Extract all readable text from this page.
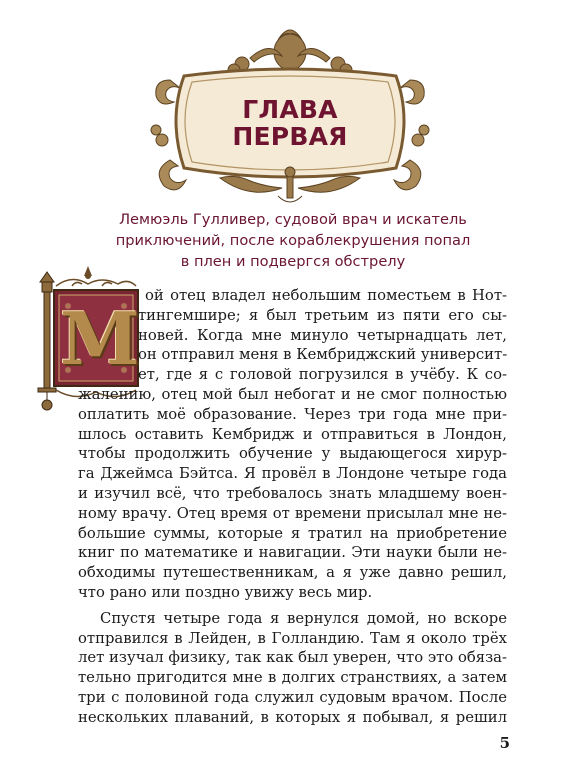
ГЛАВА
ПЕРВАЯ
Лемюэль Гулливер, судовой врач и искатель
приключений, после кораблекрушения попал
в плен и подвергся обстрелу
М
ой отец владел небольшим поместьем в Нот-
тингемшире; я был третьим из пяти его сы-
новей. Когда мне минуло четырнадцать лет,
он отправил меня в Кембриджский университ-
ет, где я с головой погрузился в учёбу. К со-
жалению, отец мой был небогат и не смог полностью
оплатить моё образование. Через три года мне при-
шлось оставить Кембридж и отправиться в Лондон,
чтобы продолжить обучение у выдающегося хирур-
га Джеймса Бэйтса. Я провёл в Лондоне четыре года
и изучил всё, что требовалось знать младшему воен-
ному врачу. Отец время от времени присылал мне не-
большие суммы, которые я тратил на приобретение
книг по математике и навигации. Эти науки были не-
обходимы путешественникам, а я уже давно решил,
что рано или поздно увижу весь мир.
Спустя четыре года я вернулся домой, но вскоре
отправился в Лейден, в Голландию. Там я около трёх
лет изучал физику, так как был уверен, что это обяза-
тельно пригодится мне в долгих странствиях, а затем
три с половиной года служил судовым врачом. После
нескольких плаваний, в которых я побывал, я решил
5
